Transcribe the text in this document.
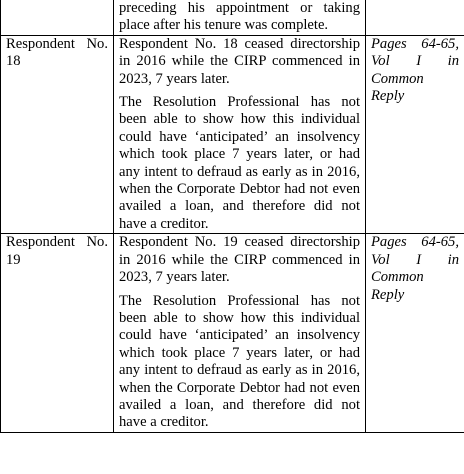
	preceding his appointment or taking place after his tenure was complete.	

Respondent No. 18	Respondent No. 18 ceased directorship in 2016 while the CIRP commenced in 2023, 7 years later.

The Resolution Professional has not been able to show how this individual could have ‘anticipated’ an insolvency which took place 7 years later, or had any intent to defraud as early as in 2016, when the Corporate Debtor had not even availed a loan, and therefore did not have a creditor.	Pages 64-65, Vol I in Common Reply

Respondent No. 19	Respondent No. 19 ceased directorship in 2016 while the CIRP commenced in 2023, 7 years later.

The Resolution Professional has not been able to show how this individual could have ‘anticipated’ an insolvency which took place 7 years later, or had any intent to defraud as early as in 2016, when the Corporate Debtor had not even availed a loan, and therefore did not have a creditor.	Pages 64-65, Vol I in Common Reply
